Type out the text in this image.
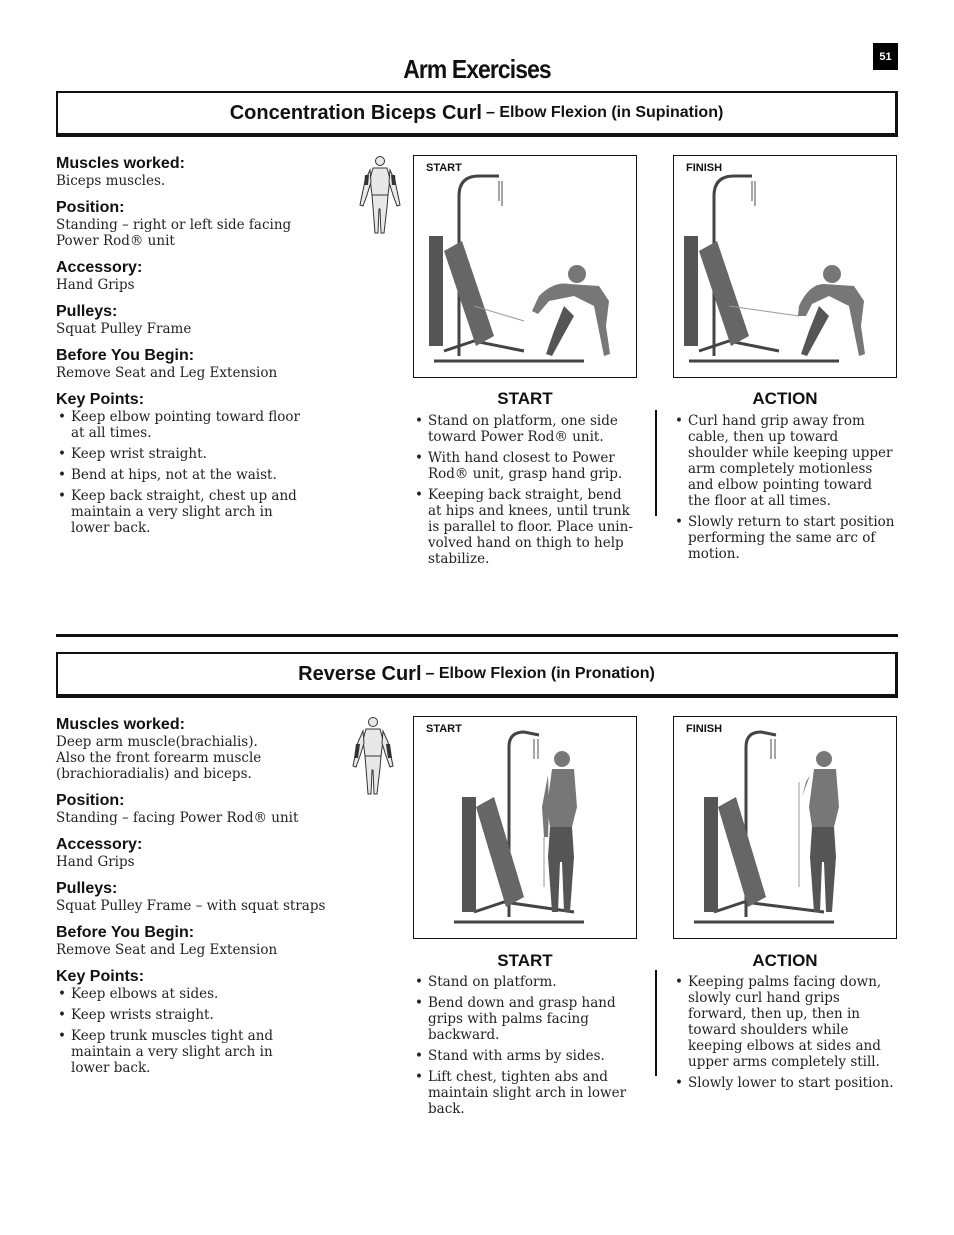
51
Arm Exercises
Concentration Biceps Curl – Elbow Flexion (in Supination)
Muscles worked:
Biceps muscles.
Position:
Standing – right or left side facing Power Rod® unit
Accessory:
Hand Grips
Pulleys:
Squat Pulley Frame
Before You Begin:
Remove Seat and Leg Extension
Key Points:
• Keep elbow pointing toward floor at all times.
• Keep wrist straight.
• Bend at hips, not at the waist.
• Keep back straight, chest up and maintain a very slight arch in lower back.
START	FINISH
START
• Stand on platform, one side toward Power Rod® unit.
• With hand closest to Power Rod® unit, grasp hand grip.
• Keeping back straight, bend at hips and knees, until trunk is parallel to floor. Place uninvolved hand on thigh to help stabilize.
ACTION
• Curl hand grip away from cable, then up toward shoulder while keeping upper arm completely motionless and elbow pointing toward the floor at all times.
• Slowly return to start position performing the same arc of motion.
Reverse Curl – Elbow Flexion (in Pronation)
Muscles worked:
Deep arm muscle(brachialis). Also the front forearm muscle (brachioradialis) and biceps.
Position:
Standing – facing Power Rod® unit
Accessory:
Hand Grips
Pulleys:
Squat Pulley Frame – with squat straps
Before You Begin:
Remove Seat and Leg Extension
Key Points:
• Keep elbows at sides.
• Keep wrists straight.
• Keep trunk muscles tight and maintain a very slight arch in lower back.
START	FINISH
START
• Stand on platform.
• Bend down and grasp hand grips with palms facing backward.
• Stand with arms by sides.
• Lift chest, tighten abs and maintain slight arch in lower back.
ACTION
• Keeping palms facing down, slowly curl hand grips forward, then up, then in toward shoulders while keeping elbows at sides and upper arms completely still.
• Slowly lower to start position.
